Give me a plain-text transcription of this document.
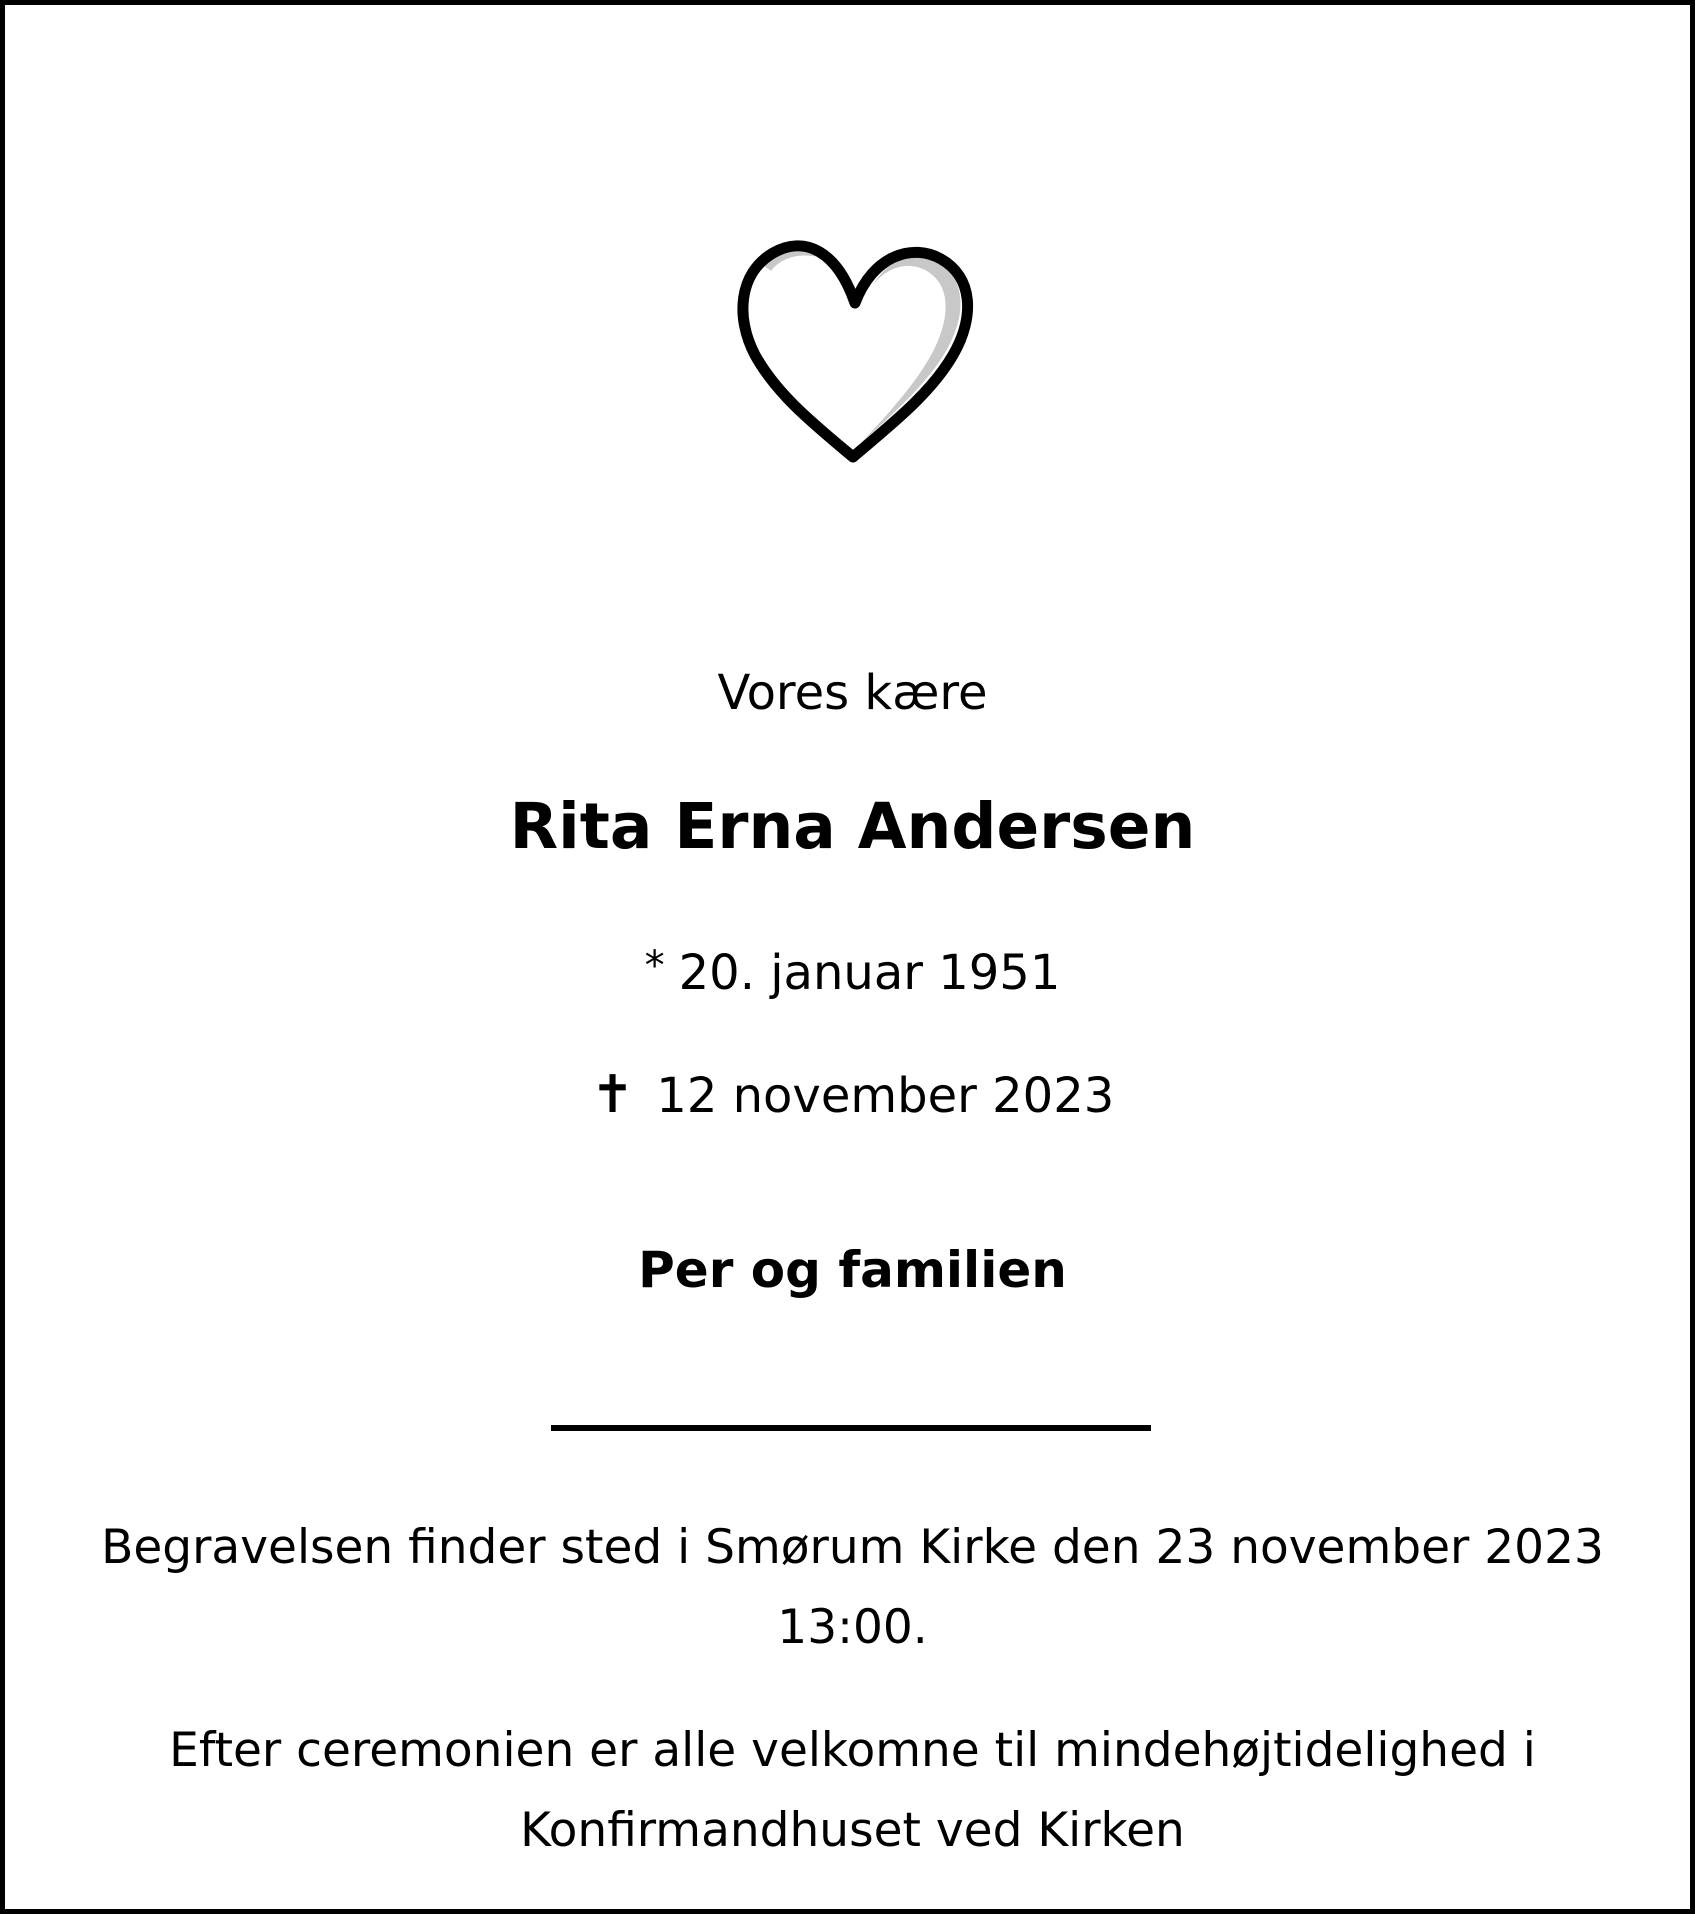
Vores kære
Rita Erna Andersen
* 20. januar 1951
✝ 12 november 2023
Per og familien
Begravelsen finder sted i Smørum Kirke den 23 november 2023 13:00.
Efter ceremonien er alle velkomne til mindehøjtidelighed i Konfirmandhuset ved Kirken
